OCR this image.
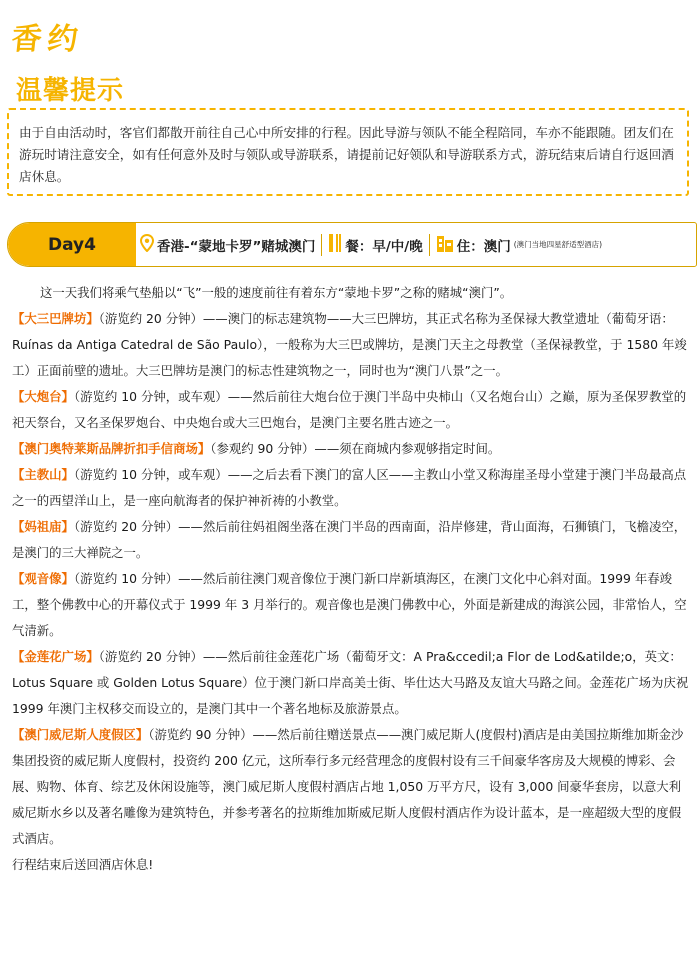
香约
温馨提示
由于自由活动时，客官们都散开前往自己心中所安排的行程。因此导游与领队不能全程陪同，车亦不能跟随。团友们在游玩时请注意安全，如有任何意外及时与领队或导游联系，请提前记好领队和导游联系方式，游玩结束后请自行返回酒店休息。
Day4	香港-“蒙地卡罗”赌城澳门 餐：早/中/晚	住：澳门 (澳门当地四星舒适型酒店)

这一天我们将乘气垫船以“飞”一般的速度前往有着东方“蒙地卡罗”之称的赌城“澳门”。

【大三巴牌坊】（游览约 20 分钟）——澳门的标志建筑物——大三巴牌坊，其正式名称为圣保禄大教堂遗址（葡萄牙语：Ruínas da Antiga Catedral de São Paulo），一般称为大三巴或牌坊，是澳门天主之母教堂（圣保禄教堂，于 1580 年竣工）正面前壁的遗址。大三巴牌坊是澳门的标志性建筑物之一，同时也为“澳门八景”之一。

【大炮台】（游览约 10 分钟，或车观）——然后前往大炮台位于澳门半岛中央柿山（又名炮台山）之巅，原为圣保罗教堂的祀天祭台，又名圣保罗炮台、中央炮台或大三巴炮台，是澳门主要名胜古迹之一。

【澳门奥特莱斯品牌折扣手信商场】（参观约 90 分钟）——须在商城内参观够指定时间。

【主教山】（游览约 10 分钟，或车观）——之后去看下澳门的富人区——主教山小堂又称海崖圣母小堂建于澳门半岛最高点之一的西望洋山上，是一座向航海者的保护神祈祷的小教堂。

【妈祖庙】（游览约 20 分钟）——然后前往妈祖阁坐落在澳门半岛的西南面，沿岸修建，背山面海，石狮镇门，飞檐凌空，是澳门的三大禅院之一。

【观音像】（游览约 10 分钟）——然后前往澳门观音像位于澳门新口岸新填海区，在澳门文化中心斜对面。1999 年春竣工，整个佛教中心的开幕仪式于 1999 年 3 月举行的。观音像也是澳门佛教中心，外面是新建成的海滨公园，非常怡人，空气清新。

【金莲花广场】（游览约 20 分钟）——然后前往金莲花广场（葡萄牙文：A Pra&ccedil;a Flor de Lod&atilde;o，英文：Lotus Square 或 Golden Lotus Square）位于澳门新口岸高美士街、毕仕达大马路及友谊大马路之间。金莲花广场为庆祝 1999 年澳门主权移交而设立的，是澳门其中一个著名地标及旅游景点。

【澳门威尼斯人度假区】（游览约 90 分钟）——然后前往赠送景点——澳门威尼斯人(度假村)酒店是由美国拉斯维加斯金沙集团投资的威尼斯人度假村，投资约 200 亿元，这所奉行多元经营理念的度假村设有三千间豪华客房及大规模的博彩、会展、购物、体育、综艺及休闲设施等，澳门威尼斯人度假村酒店占地 1,050 万平方尺，设有 3,000 间豪华套房，以意大利威尼斯水乡以及著名雕像为建筑特色，并参考著名的拉斯维加斯威尼斯人度假村酒店作为设计蓝本，是一座超级大型的度假式酒店。

行程结束后送回酒店休息!
